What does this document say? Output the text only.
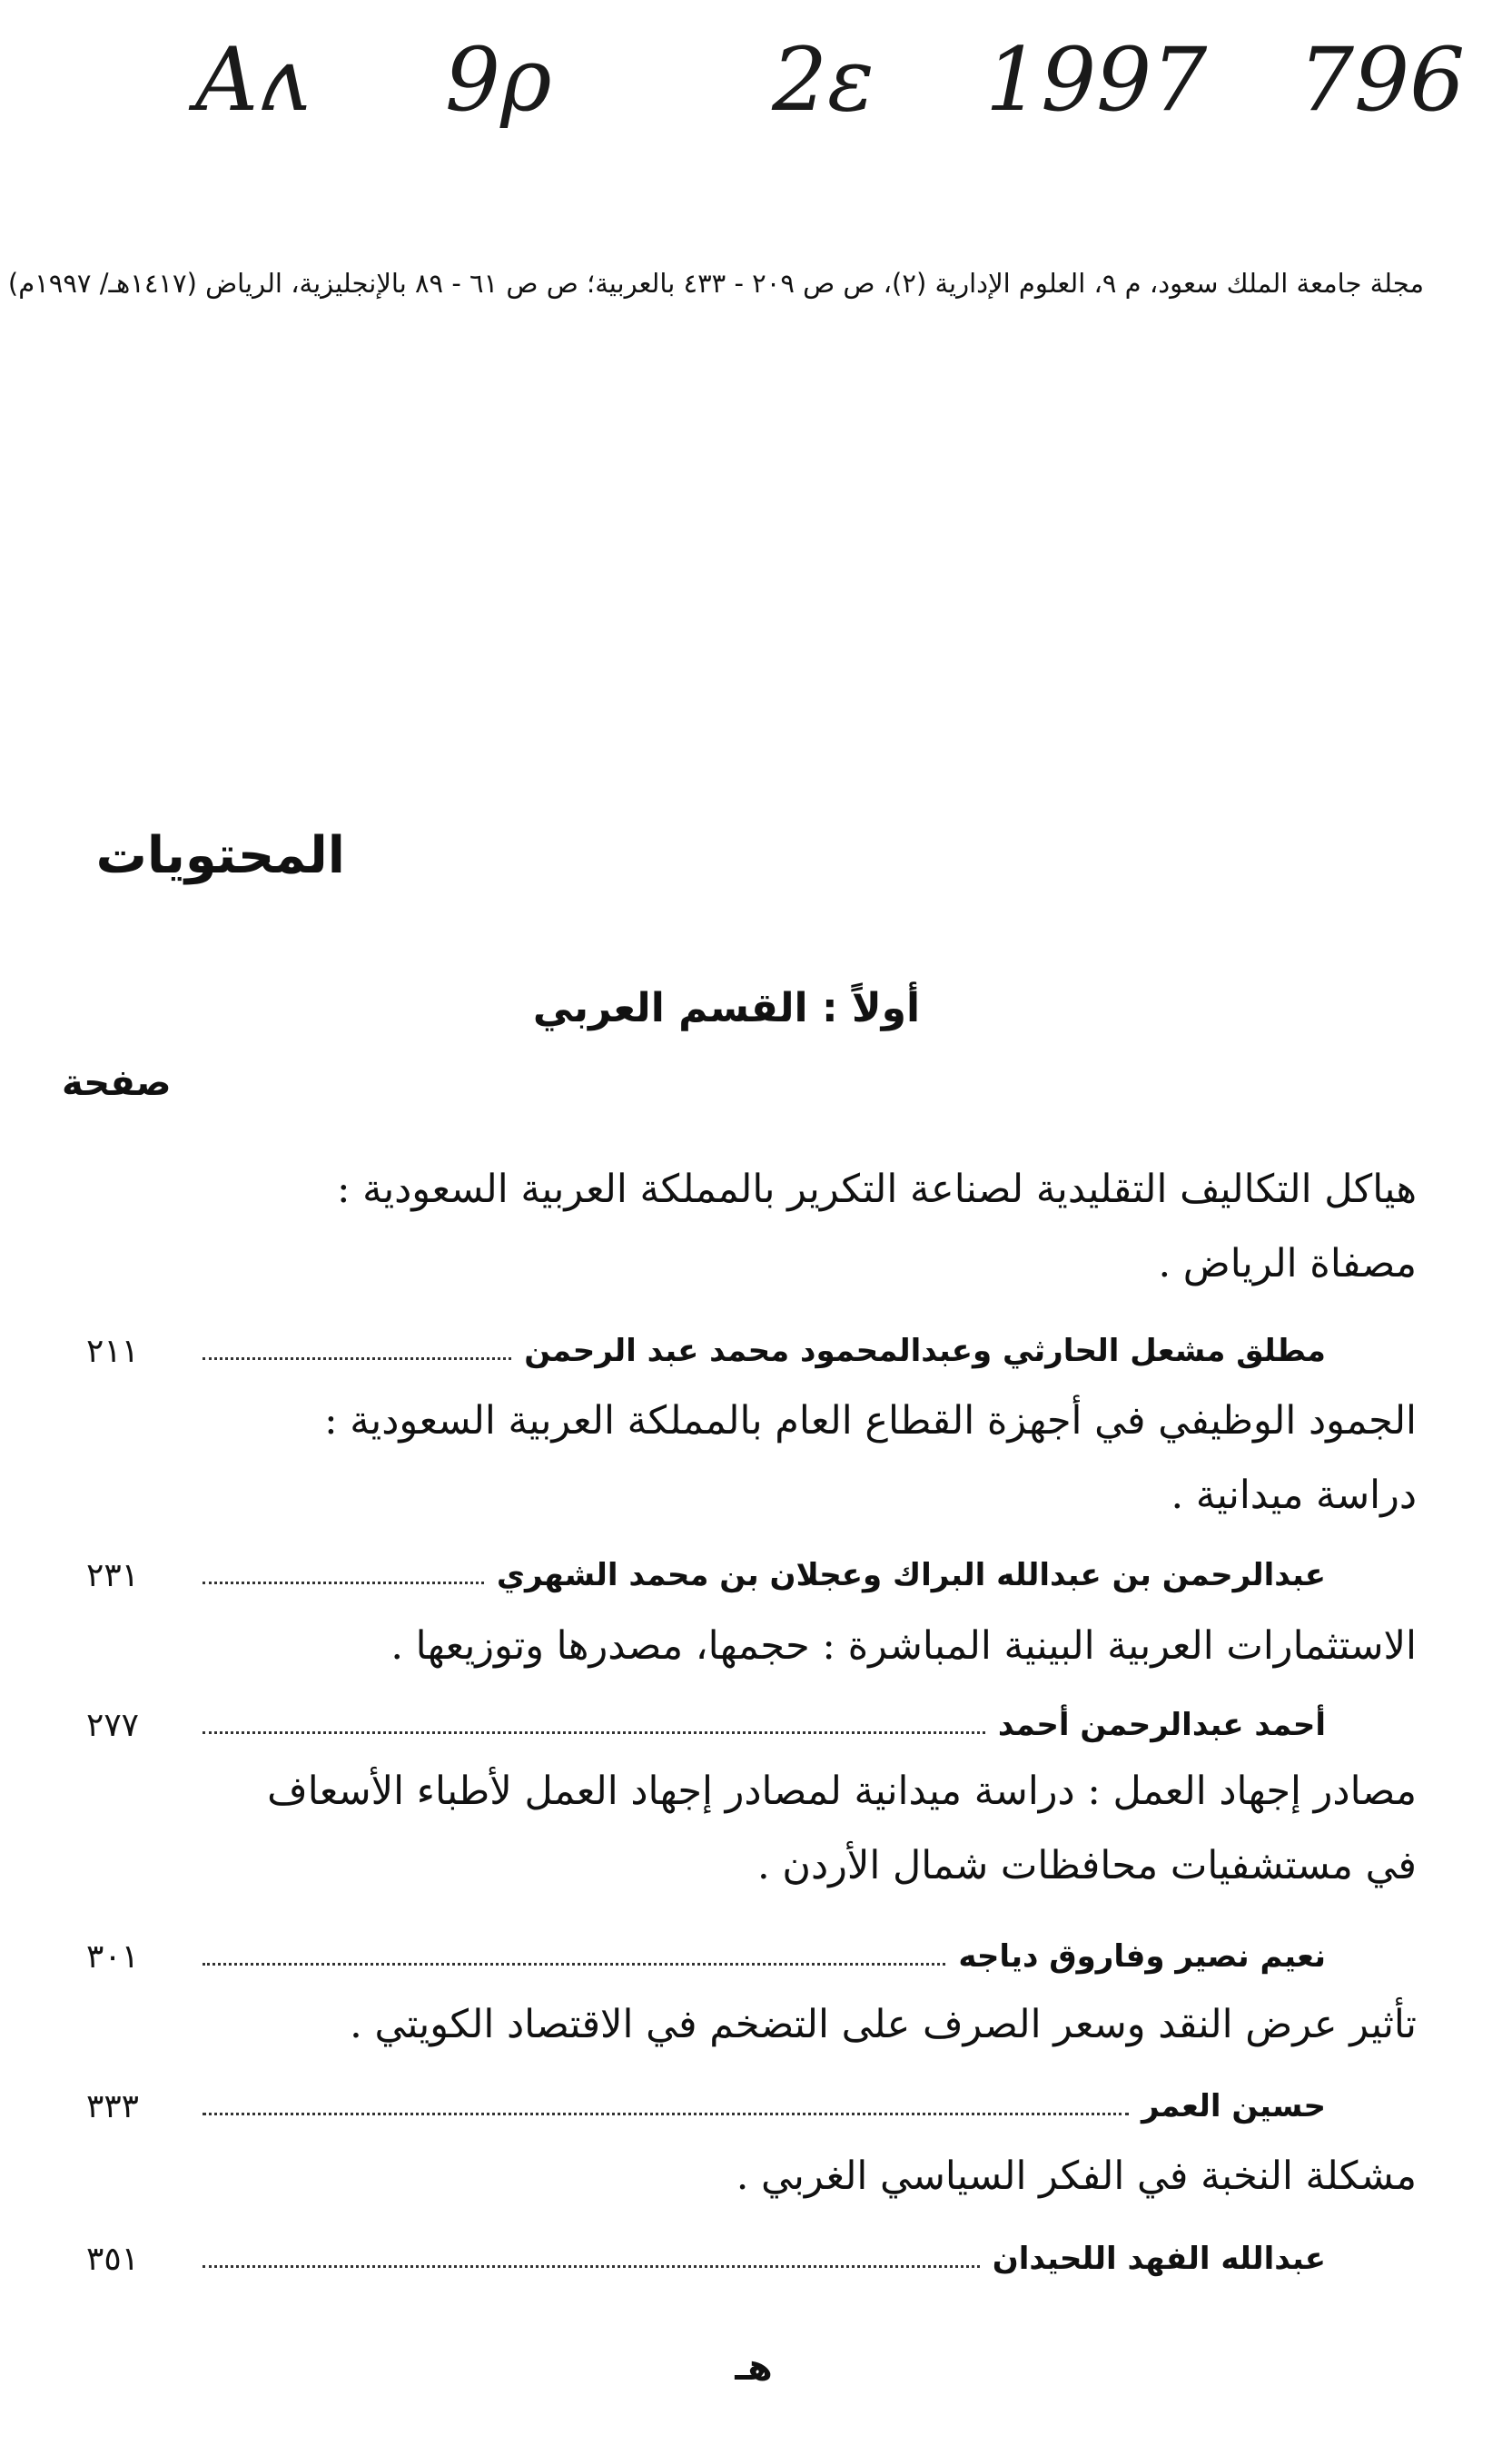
Aʌ 9ρ	2ɛ 1997 796
مجلة جامعة الملك سعود، م ٩، العلوم الإدارية (٢)، ص ص ٢٠٩ - ٤٣٣ بالعربية؛ ص ص ٦١ - ٨٩ بالإنجليزية، الرياض (١٤١٧هـ/ ١٩٩٧م)
المحتويات
أولاً : القسم العربي
صفحة
هياكل التكاليف التقليدية لصناعة التكرير بالمملكة العربية السعودية :
مصفاة الرياض .
مطلق مشعل الحارثي وعبدالمحمود محمد عبد الرحمن
٢١١
الجمود الوظيفي في أجهزة القطاع العام بالمملكة العربية السعودية :
دراسة ميدانية .
عبدالرحمن بن عبدالله البراك وعجلان بن محمد الشهري
٢٣١
الاستثمارات العربية البينية المباشرة : حجمها، مصدرها وتوزيعها .
أحمد عبدالرحمن أحمد
٢٧٧
مصادر إجهاد العمل : دراسة ميدانية لمصادر إجهاد العمل لأطباء الأسعاف
في مستشفيات محافظات شمال الأردن .
نعيم نصير وفاروق دياجه
٣٠١
تأثير عرض النقد وسعر الصرف على التضخم في الاقتصاد الكويتي .
حسين العمر
٣٣٣
مشكلة النخبة في الفكر السياسي الغربي .
عبدالله الفهد اللحيدان
٣٥١
هـ
